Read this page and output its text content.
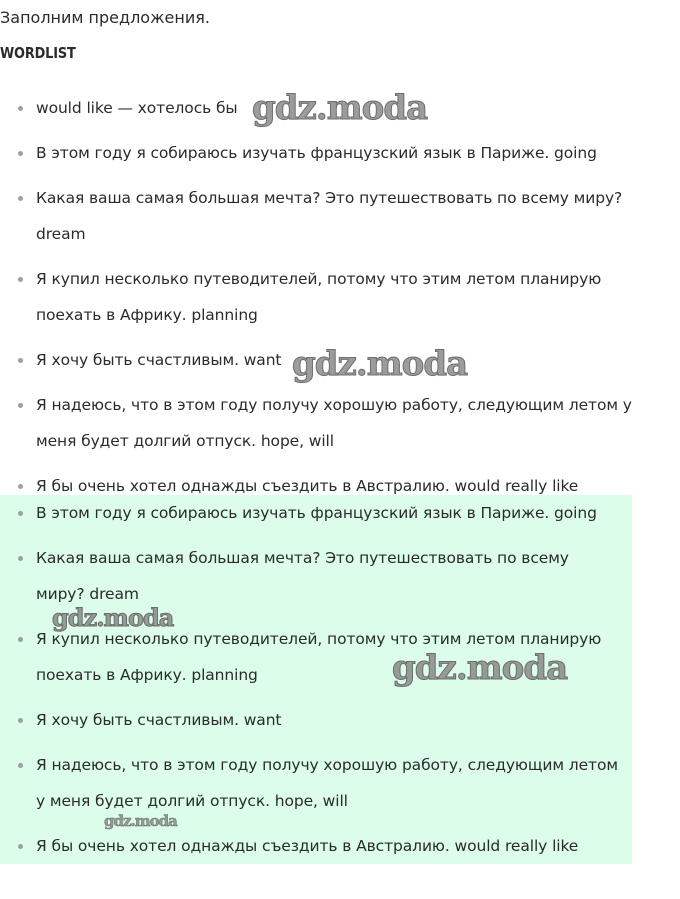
Заполним предложения.
WORDLIST
would like — хотелось бы
В этом году я собираюсь изучать французский язык в Париже. going
Какая ваша самая большая мечта? Это путешествовать по всему миру? dream
Я купил несколько путеводителей, потому что этим летом планирую поехать в Африку. planning
Я хочу быть счастливым. want
Я надеюсь, что в этом году получу хорошую работу, следующим летом у меня будет долгий отпуск. hope, will
Я бы очень хотел однажды съездить в Австралию. would really like
В этом году я собираюсь изучать французский язык в Париже. going
Какая ваша самая большая мечта? Это путешествовать по всему миру? dream
Я купил несколько путеводителей, потому что этим летом планирую поехать в Африку. planning
Я хочу быть счастливым. want
Я надеюсь, что в этом году получу хорошую работу, следующим летом у меня будет долгий отпуск. hope, will
Я бы очень хотел однажды съездить в Австралию. would really like
gdz.moda
gdz.moda
gdz.moda
gdz.moda
gdz.moda
